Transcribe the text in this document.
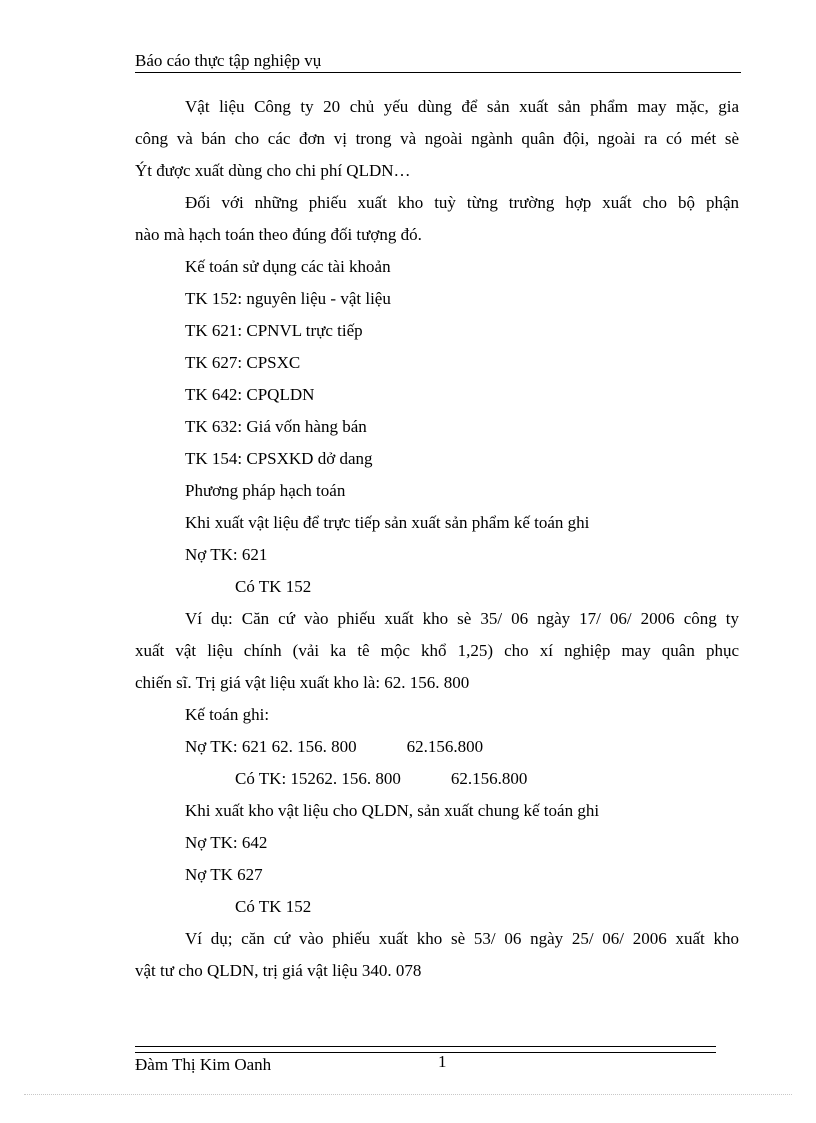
Báo cáo thực tập nghiệp vụ

Vật liệu Công ty 20 chủ yếu dùng để sản xuất sản phẩm may mặc, gia

công và bán cho các đơn vị trong và ngoài ngành quân đội, ngoài ra có mét sè

Ýt được xuất dùng cho chi phí QLDN…

Đối với những phiếu xuất kho tuỳ từng trường hợp xuất cho bộ phận

nào mà hạch toán theo đúng đối tượng đó.

Kế toán sử dụng các tài khoản

TK 152: nguyên liệu - vật liệu

TK 621: CPNVL trực tiếp

TK 627: CPSXC

TK 642: CPQLDN

TK 632: Giá vốn hàng bán

TK 154: CPSXKD dở dang

Phương pháp hạch toán

Khi xuất vật liệu để trực tiếp sản xuất sản phẩm kế toán ghi

Nợ TK: 621

Có TK 152

Ví dụ: Căn cứ vào phiếu xuất kho sè 35/ 06 ngày 17/ 06/ 2006 công ty

xuất vật liệu chính (vải ka tê mộc khổ 1,25) cho xí nghiệp may quân phục

chiến sĩ. Trị giá vật liệu xuất kho là: 62. 156. 800

Kế toán ghi:

Nợ TK: 621 62. 156. 800	62.156.800

Có TK: 15262. 156. 800	62.156.800

Khi xuất kho vật liệu cho QLDN, sản xuất chung kế toán ghi

Nợ TK: 642

Nợ TK 627

Có TK 152

Ví dụ; căn cứ vào phiếu xuất kho sè 53/ 06 ngày 25/ 06/ 2006 xuất kho

vật tư cho QLDN, trị giá vật liệu 340. 078

Đàm Thị Kim Oanh	1
